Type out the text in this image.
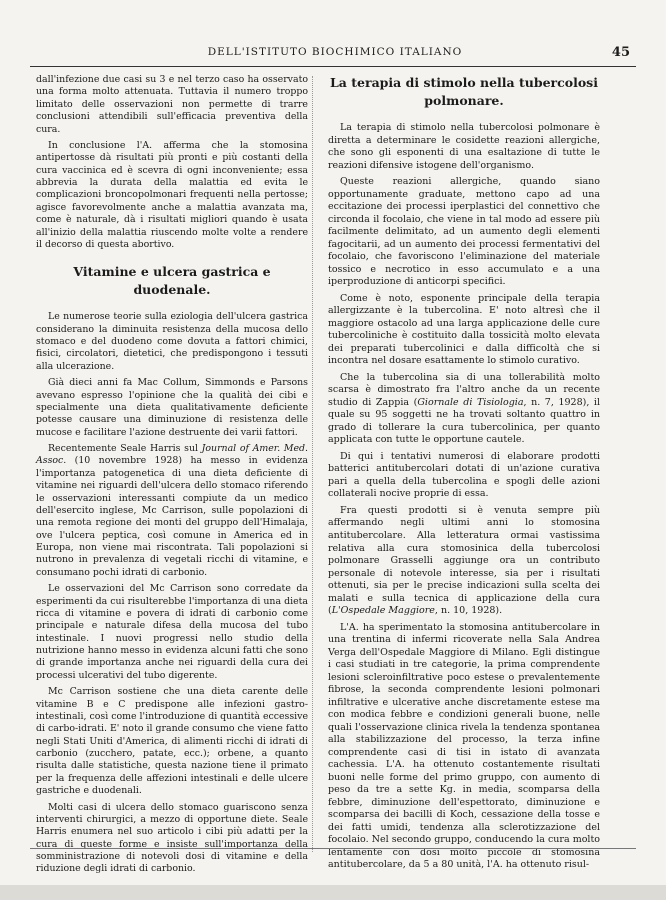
DELL'ISTITUTO BIOCHIMICO ITALIANO	45

dall'infezione due casi su 3 e nel terzo caso ha osservato una forma molto attenuata. Tuttavia il numero troppo limitato delle osservazioni non permette di trarre conclusioni attendibili sull'efficacia preventiva della cura.

In conclusione l'A. afferma che la stomosina antipertosse dà risultati più pronti e più costanti della cura vaccinica ed è scevra di ogni inconveniente; essa abbrevia la durata della malattia ed evita le complicazioni broncopolmonari frequenti nella pertosse; agisce favorevolmente anche a malattia avanzata ma, come è naturale, dà i risultati migliori quando è usata all'inizio della malattia riuscendo molte volte a rendere il decorso di questa abortivo.

Vitamine e ulcera gastrica e duodenale.

Le numerose teorie sulla eziologia dell'ulcera gastrica considerano la diminuita resistenza della mucosa dello stomaco e del duodeno come dovuta a fattori chimici, fisici, circolatori, dietetici, che predispongono i tessuti alla ulcerazione.

Già dieci anni fa Mac Collum, Simmonds e Parsons avevano espresso l'opinione che la qualità dei cibi e specialmente una dieta qualitativamente deficiente potesse causare una diminuzione di resistenza delle mucose e facilitare l'azione destruente dei varii fattori.

Recentemente Seale Harris sul Journal of Amer. Med. Assoc. (10 novembre 1928) ha messo in evidenza l'importanza patogenetica di una dieta deficiente di vitamine nei riguardi dell'ulcera dello stomaco riferendo le osservazioni interessanti compiute da un medico dell'esercito inglese, Mc Carrison, sulle popolazioni di una remota regione dei monti del gruppo dell'Himalaja, ove l'ulcera peptica, così comune in America ed in Europa, non viene mai riscontrata. Tali popolazioni si nutrono in prevalenza di vegetali ricchi di vitamine, e consumano pochi idrati di carbonio.

Le osservazioni del Mc Carrison sono corredate da esperimenti da cui risulterebbe l'importanza di una dieta ricca di vitamine e povera di idrati di carbonio come principale e naturale difesa della mucosa del tubo intestinale. I nuovi progressi nello studio della nutrizione hanno messo in evidenza alcuni fatti che sono di grande importanza anche nei riguardi della cura dei processi ulcerativi del tubo digerente.

Mc Carrison sostiene che una dieta carente delle vitamine B e C predispone alle infezioni gastro-intestinali, così come l'introduzione di quantità eccessive di carbo-idrati. E' noto il grande consumo che viene fatto negli Stati Uniti d'America, di alimenti ricchi di idrati di carbonio (zucchero, patate, ecc.); orbene, a quanto risulta dalle statistiche, questa nazione tiene il primato per la frequenza delle affezioni intestinali e delle ulcere gastriche e duodenali.

Molti casi di ulcera dello stomaco guariscono senza interventi chirurgici, a mezzo di opportune diete. Seale Harris enumera nel suo articolo i cibi più adatti per la cura di queste forme e insiste sull'importanza della somministrazione di notevoli dosi di vitamine e della riduzione degli idrati di carbonio.

La terapia di stimolo nella tubercolosi polmonare.

La terapia di stimolo nella tubercolosi polmonare è diretta a determinare le cosidette reazioni allergiche, che sono gli esponenti di una esaltazione di tutte le reazioni difensive istogene dell'organismo.

Queste reazioni allergiche, quando siano opportunamente graduate, mettono capo ad una eccitazione dei processi iperplastici del connettivo che circonda il focolaio, che viene in tal modo ad essere più facilmente delimitato, ad un aumento degli elementi fagocitarii, ad un aumento dei processi fermentativi del focolaio, che favoriscono l'eliminazione del materiale tossico e necrotico in esso accumulato e a una iperproduzione di anticorpi specifici.

Come è noto, esponente principale della terapia allergizzante è la tubercolina. E' noto altresì che il maggiore ostacolo ad una larga applicazione delle cure tubercoliniche è costituito dalla tossicità molto elevata dei preparati tubercolinici e dalla difficoltà che si incontra nel dosare esattamente lo stimolo curativo.

Che la tubercolina sia di una tollerabilità molto scarsa è dimostrato fra l'altro anche da un recente studio di Zappia (Giornale di Tisiologia, n. 7, 1928), il quale su 95 soggetti ne ha trovati soltanto quattro in grado di tollerare la cura tubercolinica, per quanto applicata con tutte le opportune cautele.

Di qui i tentativi numerosi di elaborare prodotti batterici antitubercolari dotati di un'azione curativa pari a quella della tubercolina e spogli delle azioni collaterali nocive proprie di essa.

Fra questi prodotti si è venuta sempre più affermando negli ultimi anni lo stomosina antitubercolare. Alla letteratura ormai vastissima relativa alla cura stomosinica della tubercolosi polmonare Grasselli aggiunge ora un contributo personale di notevole interesse, sia per i risultati ottenuti, sia per le precise indicazioni sulla scelta dei malati e sulla tecnica di applicazione della cura (L'Ospedale Maggiore, n. 10, 1928).

L'A. ha sperimentato la stomosina antitubercolare in una trentina di infermi ricoverate nella Sala Andrea Verga dell'Ospedale Maggiore di Milano. Egli distingue i casi studiati in tre categorie, la prima comprendente lesioni scleroinfiltrative poco estese o prevalentemente fibrose, la seconda comprendente lesioni polmonari infiltrative e ulcerative anche discretamente estese ma con modica febbre e condizioni generali buone, nelle quali l'osservazione clinica rivela la tendenza spontanea alla stabilizzazione del processo, la terza infine comprendente casi di tisi in istato di avanzata cachessia. L'A. ha ottenuto costantemente risultati buoni nelle forme del primo gruppo, con aumento di peso da tre a sette Kg. in media, scomparsa della febbre, diminuzione dell'espettorato, diminuzione e scomparsa dei bacilli di Koch, cessazione della tosse e dei fatti umidi, tendenza alla sclerotizzazione del focolaio. Nel secondo gruppo, conducendo la cura molto lentamente con dosi molto piccole di stomosina antitubercolare, da 5 a 80 unità, l'A. ha ottenuto risul-
